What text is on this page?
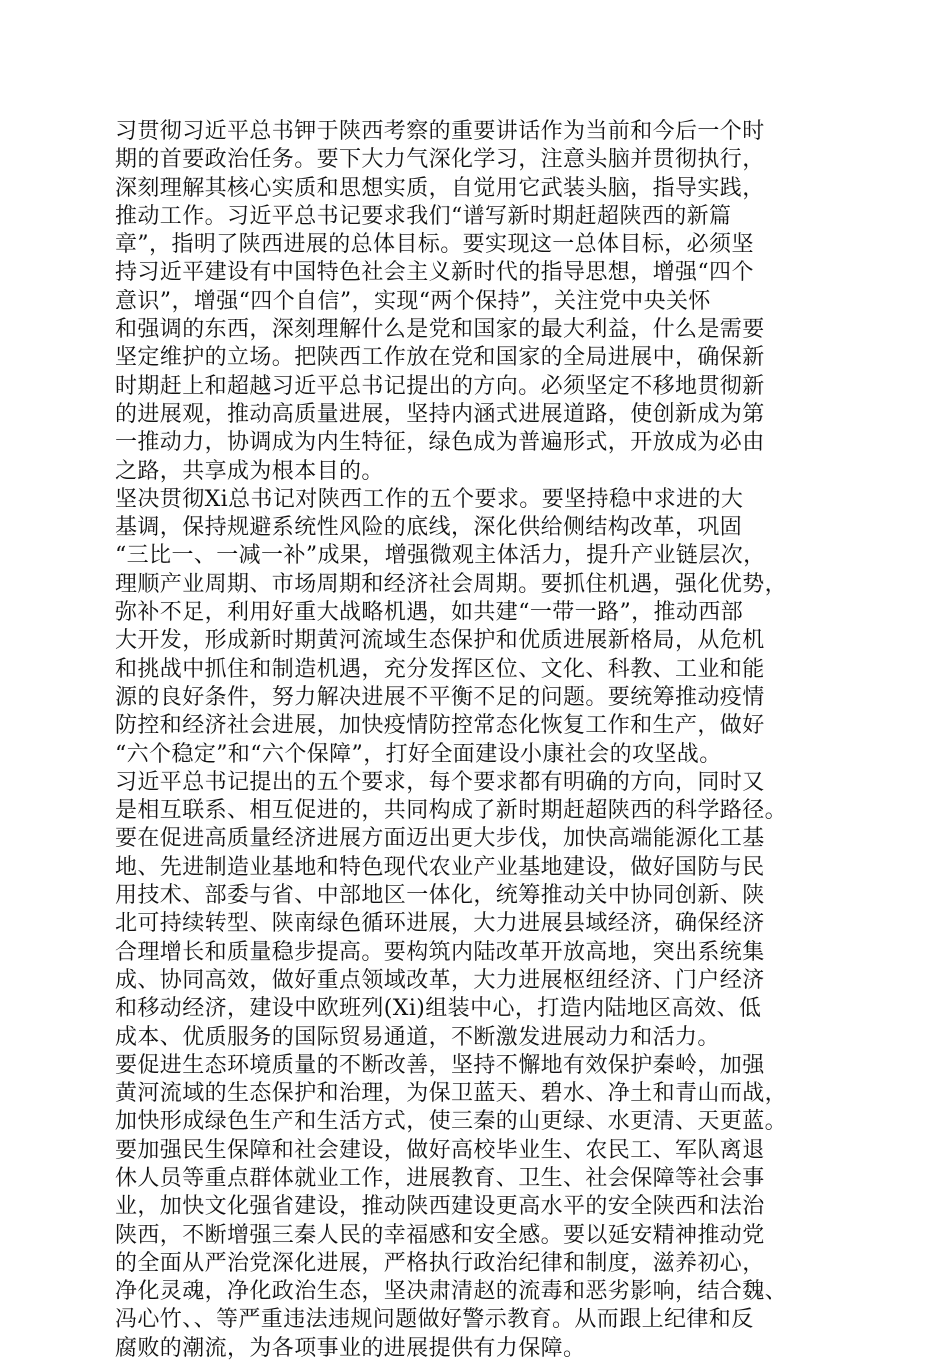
习贯彻习近平总书钾于陕西考察的重要讲话作为当前和今后一个时
期的首要政治任务。要下大力气深化学习，注意头脑并贯彻执行，
深刻理解其核心实质和思想实质，自觉用它武装头脑，指导实践，
推动工作。习近平总书记要求我们“谱写新时期赶超陕西的新篇
章”，指明了陕西进展的总体目标。要实现这一总体目标，必须坚
持习近平建设有中国特色社会主义新时代的指导思想，增强“四个
意识”，增强“四个自信”，实现“两个保持”，关注党中央关怀
和强调的东西，深刻理解什么是党和国家的最大利益，什么是需要
坚定维护的立场。把陕西工作放在党和国家的全局进展中，确保新
时期赶上和超越习近平总书记提出的方向。必须坚定不移地贯彻新
的进展观，推动高质量进展，坚持内涵式进展道路，使创新成为第
一推动力，协调成为内生特征，绿色成为普遍形式，开放成为必由
之路，共享成为根本目的。
坚决贯彻Xi总书记对陕西工作的五个要求。要坚持稳中求进的大
基调，保持规避系统性风险的底线，深化供给侧结构改革，巩固
“三比一、一减一补”成果，增强微观主体活力，提升产业链层次，
理顺产业周期、市场周期和经济社会周期。要抓住机遇，强化优势，
弥补不足，利用好重大战略机遇，如共建“一带一路”，推动西部
大开发，形成新时期黄河流域生态保护和优质进展新格局，从危机
和挑战中抓住和制造机遇，充分发挥区位、文化、科教、工业和能
源的良好条件，努力解决进展不平衡不足的问题。要统筹推动疫情
防控和经济社会进展，加快疫情防控常态化恢复工作和生产，做好
“六个稳定”和“六个保障”，打好全面建设小康社会的攻坚战。
习近平总书记提出的五个要求，每个要求都有明确的方向，同时又
是相互联系、相互促进的，共同构成了新时期赶超陕西的科学路径。
要在促进高质量经济进展方面迈出更大步伐，加快高端能源化工基
地、先进制造业基地和特色现代农业产业基地建设，做好国防与民
用技术、部委与省、中部地区一体化，统筹推动关中协同创新、陕
北可持续转型、陕南绿色循环进展，大力进展县域经济，确保经济
合理增长和质量稳步提高。要构筑内陆改革开放高地，突出系统集
成、协同高效，做好重点领域改革，大力进展枢纽经济、门户经济
和移动经济，建设中欧班列(Xi)组装中心，打造内陆地区高效、低
成本、优质服务的国际贸易通道，不断激发进展动力和活力。
要促进生态环境质量的不断改善，坚持不懈地有效保护秦岭，加强
黄河流域的生态保护和治理，为保卫蓝天、碧水、净土和青山而战，
加快形成绿色生产和生活方式，使三秦的山更绿、水更清、天更蓝。
要加强民生保障和社会建设，做好高校毕业生、农民工、军队离退
休人员等重点群体就业工作，进展教育、卫生、社会保障等社会事
业，加快文化强省建设，推动陕西建设更高水平的安全陕西和法治
陕西，不断增强三秦人民的幸福感和安全感。要以延安精神推动党
的全面从严治党深化进展，严格执行政治纪律和制度，滋养初心，
净化灵魂，净化政治生态，坚决肃清赵的流毒和恶劣影响，结合魏、
冯心竹、、等严重违法违规问题做好警示教育。从而跟上纪律和反
腐败的潮流，为各项事业的进展提供有力保障。
